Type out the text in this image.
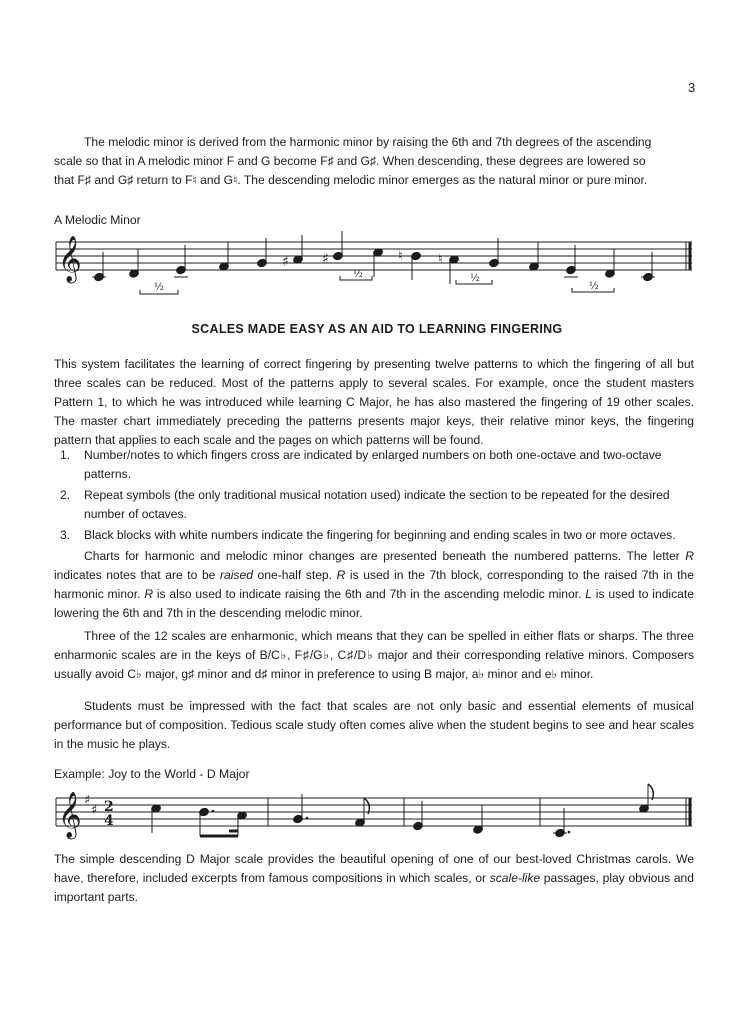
3
The melodic minor is derived from the harmonic minor by raising the 6th and 7th degrees of the ascending
scale so that in A melodic minor F and G become F♯ and G♯. When descending, these degrees are lowered so
that F♯ and G♯ return to F♮ and G♮. The descending melodic minor emerges as the natural minor or pure minor.
A Melodic Minor
𝄞	♯ ♯	♮	♮
½
½	½
½
SCALES MADE EASY AS AN AID TO LEARNING FINGERING

This system facilitates the learning of correct fingering by presenting twelve patterns to which the fingering of all but three scales can be reduced. Most of the patterns apply to several scales. For example, once the student masters Pattern 1, to which he was introduced while learning C Major, he has also mastered the fingering of 19 other scales. The master chart immediately preceding the patterns presents major keys, their relative minor keys, the fingering pattern that applies to each scale and the pages on which patterns will be found.

1. Number/notes to which fingers cross are indicated by enlarged numbers on both one-octave and two-octave patterns.
2. Repeat symbols (the only traditional musical notation used) indicate the section to be repeated for the desired number of octaves.
3. Black blocks with white numbers indicate the fingering for beginning and ending scales in two or more octaves.

Charts for harmonic and melodic minor changes are presented beneath the numbered patterns. The letter R indicates notes that are to be raised one-half step. R is used in the 7th block, corresponding to the raised 7th in the harmonic minor. R is also used to indicate raising the 6th and 7th in the ascending melodic minor. L is used to indicate lowering the 6th and 7th in the descending melodic minor.

Three of the 12 scales are enharmonic, which means that they can be spelled in either flats or sharps. The three enharmonic scales are in the keys of B/C♭, F♯/G♭, C♯/D♭ major and their corresponding relative minors. Composers usually avoid C♭ major, g♯ minor and d♯ minor in preference to using B major, a♭ minor and e♭ minor.

Students must be impressed with the fact that scales are not only basic and essential elements of musical performance but of composition. Tedious scale study often comes alive when the student begins to see and hear scales in the music he plays.

Example: Joy to the World - D Major
𝄞 ♯
♯ 2
4

The simple descending D Major scale provides the beautiful opening of one of our best-loved Christmas carols. We have, therefore, included excerpts from famous compositions in which scales, or scale-like passages, play obvious and important parts.
